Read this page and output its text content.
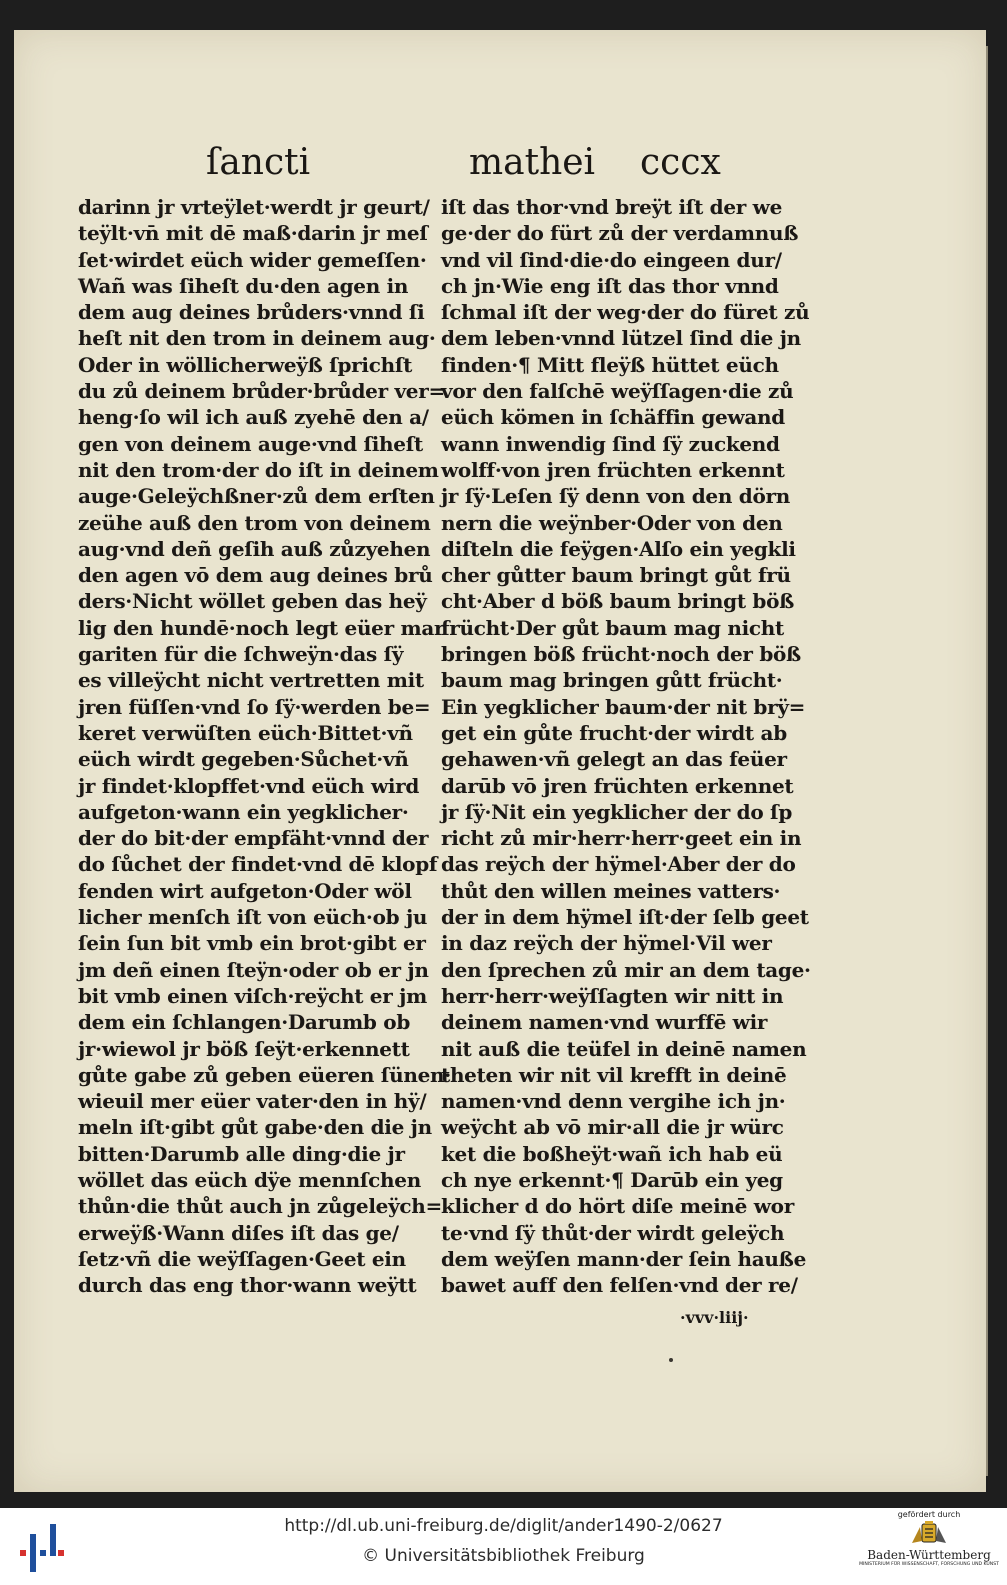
ſancti	mathei cccx
darinn jr vrteÿlet·werdt jr geurt/
teÿlt·vn̄ mit dē maß·darin jr meſ
ſet·wirdet eüch wider gemeſſen·
Wañ was ſiheſt du·den agen in
dem aug deines brůders·vnnd ſi
heſt nit den trom in deinem aug·
Oder in wöllicherweÿß ſprichſt
du zů deinem brůder·brůder ver=
heng·ſo wil ich auß zyehē den a/
gen von deinem auge·vnd ſiheſt
nit den trom·der do iſt in deinem
auge·Geleÿchßner·zů dem erſten
zeühe auß den trom von deinem
aug·vnd deñ geſih auß zůzyehen
den agen vō dem aug deines brů
ders·Nicht wöllet geben das heÿ
lig den hundē·noch legt eüer mar
gariten für die ſchweÿn·das ſÿ
es villeÿcht nicht vertretten mit
jren füſſen·vnd ſo ſÿ·werden be=
keret verwüſten eüch·Bittet·vñ
eüch wirdt gegeben·Sůchet·vñ
jr findet·klopffet·vnd eüch wird
aufgeton·wann ein yegklicher·
der do bit·der empfäht·vnnd der
do ſůchet der findet·vnd dē klopf
fenden wirt aufgeton·Oder wöl
licher menſch iſt von eüch·ob ju
ſein ſun bit vmb ein brot·gibt er
jm deñ einen ſteÿn·oder ob er jn
bit vmb einen viſch·reÿcht er jm
dem ein ſchlangen·Darumb ob
jr·wiewol jr böß ſeÿt·erkennett
gůte gabe zů geben eüeren ſünen·
wieuil mer eüer vater·den in hÿ/
meln iſt·gibt gůt gabe·den die jn
bitten·Darumb alle ding·die jr
wöllet das eüch dÿe mennſchen
thůn·die thůt auch jn zůgeleÿch=
erweÿß·Wann diſes iſt das ge/
ſetz·vñ die weÿſſagen·Geet ein
durch das eng thor·wann weÿtt
iſt das thor·vnd breÿt iſt der we
ge·der do fürt zů der verdamnuß
vnd vil ſind·die·do eingeen dur/
ch jn·Wie eng iſt das thor vnnd
ſchmal iſt der weg·der do füret zů
dem leben·vnnd lützel ſind die jn
finden·¶ Mitt fleÿß hüttet eüch
vor den falſchē weÿſſagen·die zů
eüch kömen in ſchäffin gewand
wann inwendig ſind ſÿ zuckend
wolff·von jren früchten erkennt
jr ſÿ·Leſen ſÿ denn von den dörn
nern die weÿnber·Oder von den
diſteln die feÿgen·Alſo ein yegkli
cher gůtter baum bringt gůt frü
cht·Aber d böß baum bringt böß
frücht·Der gůt baum mag nicht
bringen böß frücht·noch der böß
baum mag bringen gůtt frücht·
Ein yegklicher baum·der nit brÿ=
get ein gůte frucht·der wirdt ab
gehawen·vñ gelegt an das feüer
darūb vō jren früchten erkennet
jr ſÿ·Nit ein yegklicher der do ſp
richt zů mir·herr·herr·geet ein in
das reÿch der hÿmel·Aber der do
thůt den willen meines vatters·
der in dem hÿmel iſt·der ſelb geet
in daz reÿch der hÿmel·Vil wer
den ſprechen zů mir an dem tage·
herr·herr·weÿſſagten wir nitt in
deinem namen·vnd wurffē wir
nit auß die teüfel in deinē namen
theten wir nit vil krefft in deinē
namen·vnd denn vergihe ich jn·
weÿcht ab vō mir·all die jr würc
ket die boßheÿt·wañ ich hab eü
ch nye erkennt·¶ Darūb ein yeg
klicher d do hört diſe meinē wor
te·vnd ſÿ thůt·der wirdt geleÿch
dem weÿſen mann·der ſein hauße
bawet auff den felſen·vnd der re/
·vvv·liij·
http://dl.ub.uni-freiburg.de/diglit/ander1490-2/0627
© Universitätsbibliothek Freiburg
gefördert durch
Baden-Württemberg
MINISTERIUM FÜR WISSENSCHAFT, FORSCHUNG UND KUNST
